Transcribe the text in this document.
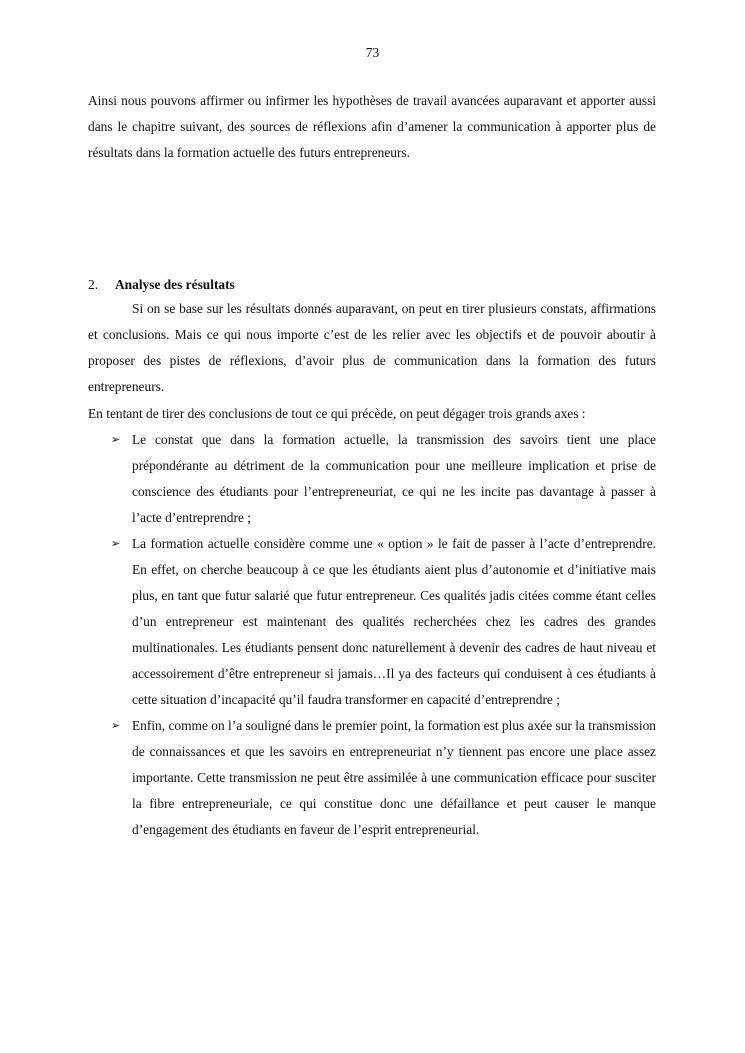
73

Ainsi nous pouvons affirmer ou infirmer les hypothèses de travail avancées auparavant et apporter aussi dans le chapitre suivant, des sources de réflexions afin d’amener la communication à apporter plus de résultats dans la formation actuelle des futurs entrepreneurs.

2. Analyse des résultats

Si on se base sur les résultats donnés auparavant, on peut en tirer plusieurs constats, affirmations et conclusions. Mais ce qui nous importe c’est de les relier avec les objectifs et de pouvoir aboutir à proposer des pistes de réflexions, d’avoir plus de communication dans la formation des futurs entrepreneurs.

En tentant de tirer des conclusions de tout ce qui précède, on peut dégager trois grands axes :

➢ Le constat que dans la formation actuelle, la transmission des savoirs tient une place prépondérante au détriment de la communication pour une meilleure implication et prise de conscience des étudiants pour l’entrepreneuriat, ce qui ne les incite pas davantage à passer à l’acte d’entreprendre ;
➢ La formation actuelle considère comme une « option » le fait de passer à l’acte d’entreprendre. En effet, on cherche beaucoup à ce que les étudiants aient plus d’autonomie et d’initiative mais plus, en tant que futur salarié que futur entrepreneur. Ces qualités jadis citées comme étant celles d’un entrepreneur est maintenant des qualités recherchées chez les cadres des grandes multinationales. Les étudiants pensent donc naturellement à devenir des cadres de haut niveau et accessoirement d’être entrepreneur si jamais…Il ya des facteurs qui conduisent à ces étudiants à cette situation d’incapacité qu’il faudra transformer en capacité d’entreprendre ;
➢ Enfin, comme on l’a souligné dans le premier point, la formation est plus axée sur la transmission de connaissances et que les savoirs en entrepreneuriat n’y tiennent pas encore une place assez importante. Cette transmission ne peut être assimilée à une communication efficace pour susciter la fibre entrepreneuriale, ce qui constitue donc une défaillance et peut causer le manque d’engagement des étudiants en faveur de l’esprit entrepreneurial.
